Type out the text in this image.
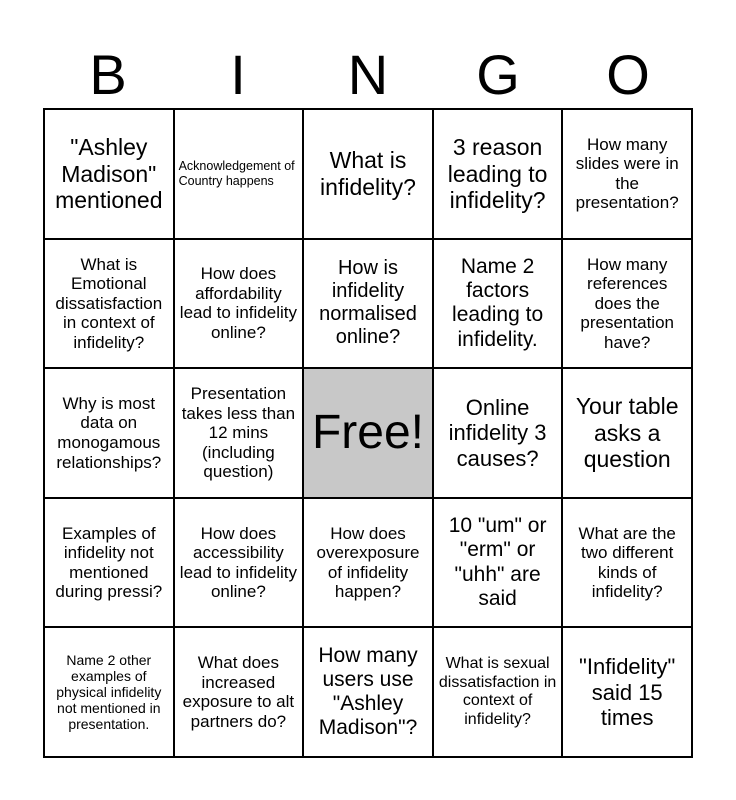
B	I	N	G	O
"Ashley Madison" mentioned
Acknowledgement of Country happens
What is infidelity?
3 reason leading to infidelity?
How many slides were in the presentation?
What is Emotional dissatisfaction in context of infidelity?
How does affordability lead to infidelity online?
How is infidelity normalised online?
Name 2 factors leading to infidelity.
How many references does the presentation have?
Why is most data on monogamous relationships?
Presentation takes less than 12 mins (including question)
Free!	Online infidelity 3 causes?
Your table asks a question
Examples of infidelity not mentioned during pressi?
How does accessibility lead to infidelity online?
How does overexposure of infidelity happen?
10 "um" or "erm" or "uhh" are said
What are the two different kinds of infidelity?
Name 2 other examples of physical infidelity not mentioned in presentation.
What does increased exposure to alt partners do?
How many users use "Ashley Madison"?
What is sexual dissatisfaction in context of infidelity?
"Infidelity" said 15 times
